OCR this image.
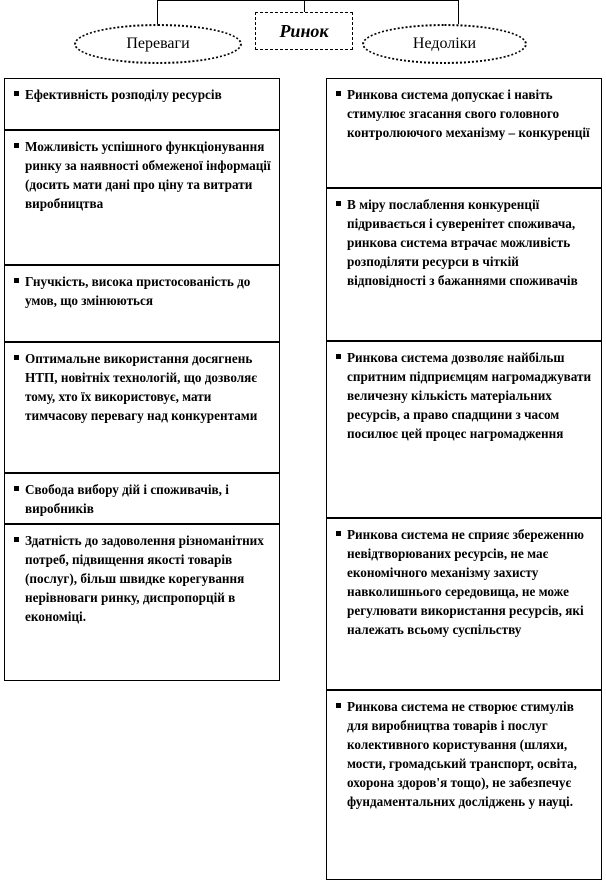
Ринок
Переваги	Недоліки
Ефективність розподілу ресурсів
Можливість успішного функціонування ринку за наявності обмеженої інформації (досить мати дані про ціну та витрати виробництва
Гнучкість, висока пристосованість до умов, що змінюються
Оптимальне використання досягнень НТП, новітніх технологій, що дозволяє тому, хто їх використовує, мати тимчасову перевагу над конкурентами
Свобода вибору дій і споживачів, і виробників
Здатність до задоволення різноманітних потреб, підвищення якості товарів (послуг), більш швидке корегування нерівноваги ринку, диспропорцій в економіці.
Ринкова система допускає і навіть стимулює згасання свого головного контролюючого механізму – конкуренції
В міру послаблення конкуренції підривається і суверенітет споживача, ринкова система втрачає можливість розподіляти ресурси в чіткій відповідності з бажаннями споживачів
Ринкова система дозволяє найбільш спритним підприємцям нагромаджувати величезну кількість матеріальних ресурсів, а право спадщини з часом посилює цей процес нагромадження
Ринкова система не сприяє збереженню невідтворюваних ресурсів, не має економічного механізму захисту навколишнього середовища, не може регулювати використання ресурсів, які належать всьому суспільству
Ринкова система не створює стимулів для виробництва товарів і послуг колективного користування (шляхи, мости, громадський транспорт, освіта, охорона здоров'я тощо), не забезпечує фундаментальних досліджень у науці.
